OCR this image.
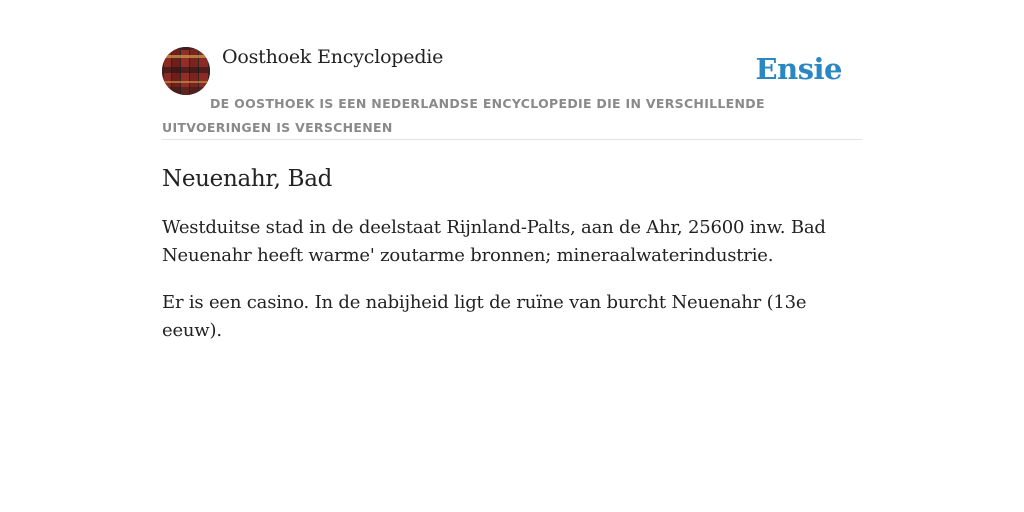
Oosthoek Encyclopedie	Ensie
DE OOSTHOEK IS EEN NEDERLANDSE ENCYCLOPEDIE DIE IN VERSCHILLENDE UITVOERINGEN IS VERSCHENEN
Neuenahr, Bad

Westduitse stad in de deelstaat Rijnland-Palts, aan de Ahr, 25600 inw. Bad Neuenahr heeft warme' zoutarme bronnen; mineraalwaterindustrie.

Er is een casino. In de nabijheid ligt de ruïne van burcht Neuenahr (13e eeuw).
